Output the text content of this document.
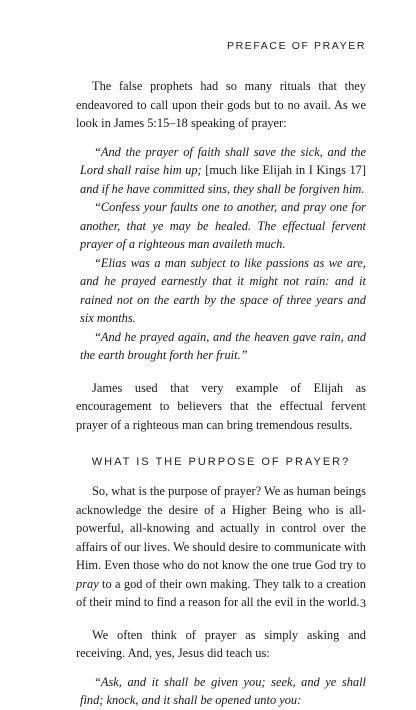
PREFACE OF PRAYER

The false prophets had so many rituals that they endeavored to call upon their gods but to no avail. As we look in James 5:15–18 speaking of prayer:

“And the prayer of faith shall save the sick, and the Lord shall raise him up; [much like Elijah in I Kings 17] and if he have committed sins, they shall be forgiven him.

“Confess your faults one to another, and pray one for another, that ye may be healed. The effectual fervent prayer of a righteous man availeth much.

“Elias was a man subject to like passions as we are, and he prayed earnestly that it might not rain: and it rained not on the earth by the space of three years and six months.

“And he prayed again, and the heaven gave rain, and the earth brought forth her fruit.”

James used that very example of Elijah as encouragement to believers that the effectual fervent prayer of a righteous man can bring tremendous results.

WHAT IS THE PURPOSE OF PRAYER?

So, what is the purpose of prayer? We as human beings acknowledge the desire of a Higher Being who is all-powerful, all-knowing and actually in control over the affairs of our lives. We should desire to communicate with Him. Even those who do not know the one true God try to pray to a god of their own making. They talk to a creation of their mind to find a reason for all the evil in the world.

We often think of prayer as simply asking and receiving. And, yes, Jesus did teach us:

“Ask, and it shall be given you; seek, and ye shall find; knock, and it shall be opened unto you:

3
